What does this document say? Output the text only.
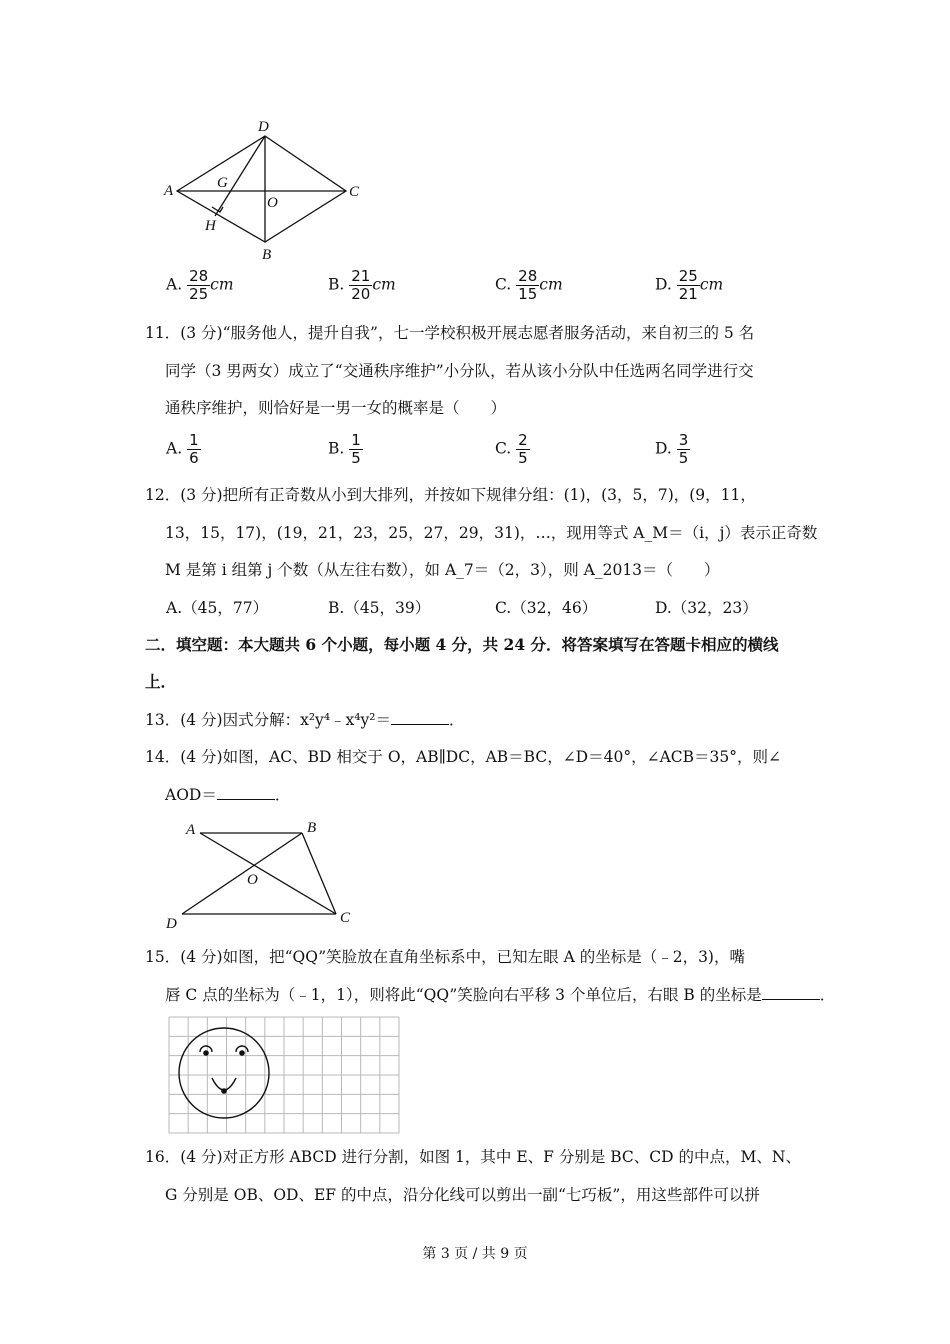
D
A	G
O
C
H
B
A. $\frac{28}{25}$ cm	B. $\frac{21}{20}$ cm	C. $\frac{28}{15}$ cm	D. $\frac{25}{21}$ cm
11．(3 分)“服务他人，提升自我”，七一学校积极开展志愿者服务活动，来自初三的 5 名
同学（3 男两女）成立了“交通秩序维护”小分队，若从该小分队中任选两名同学进行交
通秩序维护，则恰好是一男一女的概率是（　　）
A. $\frac{1}{6}$	B. $\frac{1}{5}$	C. $\frac{2}{5}$	D. $\frac{3}{5}$
12．(3 分)把所有正奇数从小到大排列，并按如下规律分组：(1)，(3，5，7)，(9，11，
13，15，17)，(19，21，23，25，27，29，31)，…，现用等式 A_M＝（i，j）表示正奇数
M 是第 i 组第 j 个数（从左往右数），如 A_7＝（2，3），则 A_2013＝（　　）
A.（45，77）	B.（45，39）	C.（32，46）	D.（32，23）
二．填空题：本大题共 6 个小题，每小题 4 分，共 24 分．将答案填写在答题卡相应的横线
上．
13．(4 分)因式分解：x²y⁴﹣x⁴y²＝	．
14．(4 分)如图，AC、BD 相交于 O，AB∥DC，AB＝BC，∠D＝40°，∠ACB＝35°，则∠
AOD＝	．
A	B
O
D	C
15．(4 分)如图，把“QQ”笑脸放在直角坐标系中，已知左眼 A 的坐标是（﹣2，3)，嘴
唇 C 点的坐标为（﹣1，1），则将此“QQ”笑脸向右平移 3 个单位后，右眼 B 的坐标是	．
16．(4 分)对正方形 ABCD 进行分割，如图 1，其中 E、F 分别是 BC、CD 的中点，M、N、
G 分别是 OB、OD、EF 的中点，沿分化线可以剪出一副“七巧板”，用这些部件可以拼
第 3 页 / 共 9 页
